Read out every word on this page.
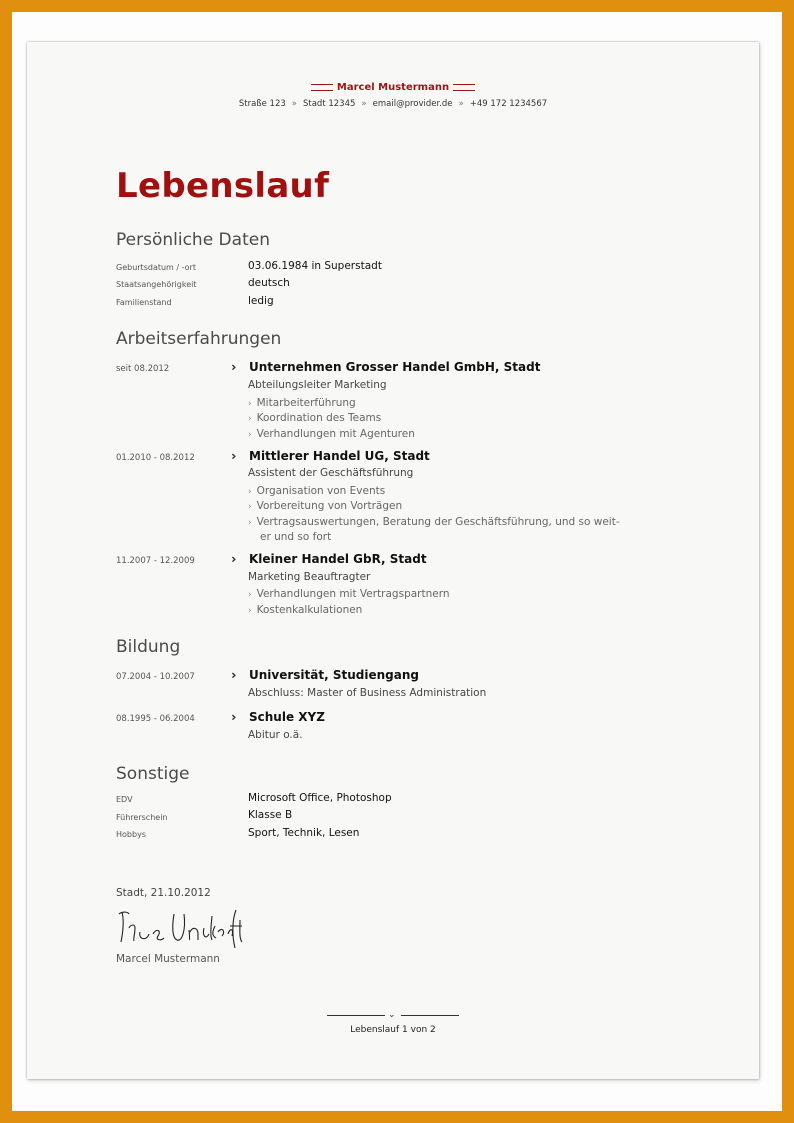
Marcel Mustermann
Straße 123 » Stadt 12345 » email@provider.de » +49 172 1234567
Lebenslauf
Persönliche Daten
Geburtsdatum / -ort	03.06.1984 in Superstadt
Staatsangehörigkeit	deutsch
Familienstand	ledig
Arbeitserfahrungen
seit 08.2012	›› Unternehmen Grosser Handel GmbH, Stadt
Abteilungsleiter Marketing
› Mitarbeiterführung
› Koordination des Teams
› Verhandlungen mit Agenturen
01.2010 - 08.2012	›› Mittlerer Handel UG, Stadt
Assistent der Geschäftsführung
› Organisation von Events
› Vorbereitung von Vorträgen
› Vertragsauswertungen, Beratung der Geschäftsführung, und so weit-
er und so fort
11.2007 - 12.2009	›› Kleiner Handel GbR, Stadt
Marketing Beauftragter
› Verhandlungen mit Vertragspartnern
› Kostenkalkulationen
Bildung
07.2004 - 10.2007	›› Universität, Studiengang
Abschluss: Master of Business Administration
08.1995 - 06.2004	›› Schule XYZ
Abitur o.ä.
Sonstige
EDV	Microsoft Office, Photoshop
Führerschein	Klasse B
Hobbys	Sport, Technik, Lesen
Stadt, 21.10.2012
Marcel Mustermann
⌄
Lebenslauf 1 von 2
